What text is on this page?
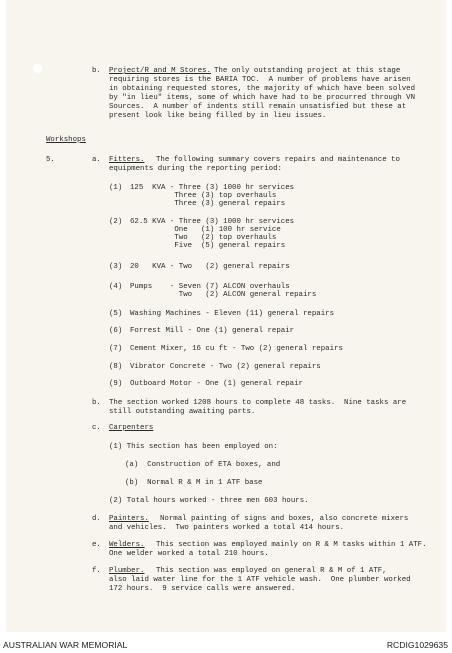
b. Project/R and M Stores. The only outstanding project at this stage
requiring stores is the BARIA TOC.  A number of problems have arisen
in obtaining requested stores, the majority of which have been solved
by "in lieu" items, some of which have had to be procurred through VN
Sources.  A number of indents still remain unsatisfied but these at
present look like being filled by in lieu issues.
Workshops
5.	a. Fitters. The following summary covers repairs and maintenance to
equipments during the reporting period:
(1) 125  KVA - Three (3) 1000 hr services
Three (3) top overhauls
Three (3) general repairs
(2) 62.5 KVA - Three (3) 1000 hr services
One   (1) 100 hr service
Two   (2) top overhauls
Five  (5) general repairs
(3) 20   KVA - Two   (2) general repairs
(4) Pumps    - Seven (7) ALCON overhauls
Two   (2) ALCON general repairs
(5) Washing Machines - Eleven (11) general repairs
(6) Forrest Mill - One (1) general repair
(7) Cement Mixer, 16 cu ft - Two (2) general repairs
(8) Vibrator Concrete - Two (2) general repairs
(9) Outboard Motor - One (1) general repair
b. The section worked 1208 hours to complete 48 tasks.  Nine tasks are
still outstanding awaiting parts.
c. Carpenters
(1) This section has been employed on:
(a)  Construction of ETA boxes, and
(b)  Normal R & M in 1 ATF base
(2) Total hours worked - three men 603 hours.
d. Painters. Normal painting of signs and boxes, also concrete mixers
and vehicles.  Two painters worked a total 414 hours.
e. Welders. This section was employed mainly on R & M tasks within 1 ATF.
One welder worked a total 210 hours.
f. Plumber. This section was employed on general R & M of 1 ATF,
also laid water line for the 1 ATF vehicle wash.  One plumber worked
172 hours.  9 service calls were answered.
AUSTRALIAN WAR MEMORIAL	RCDIG1029635
